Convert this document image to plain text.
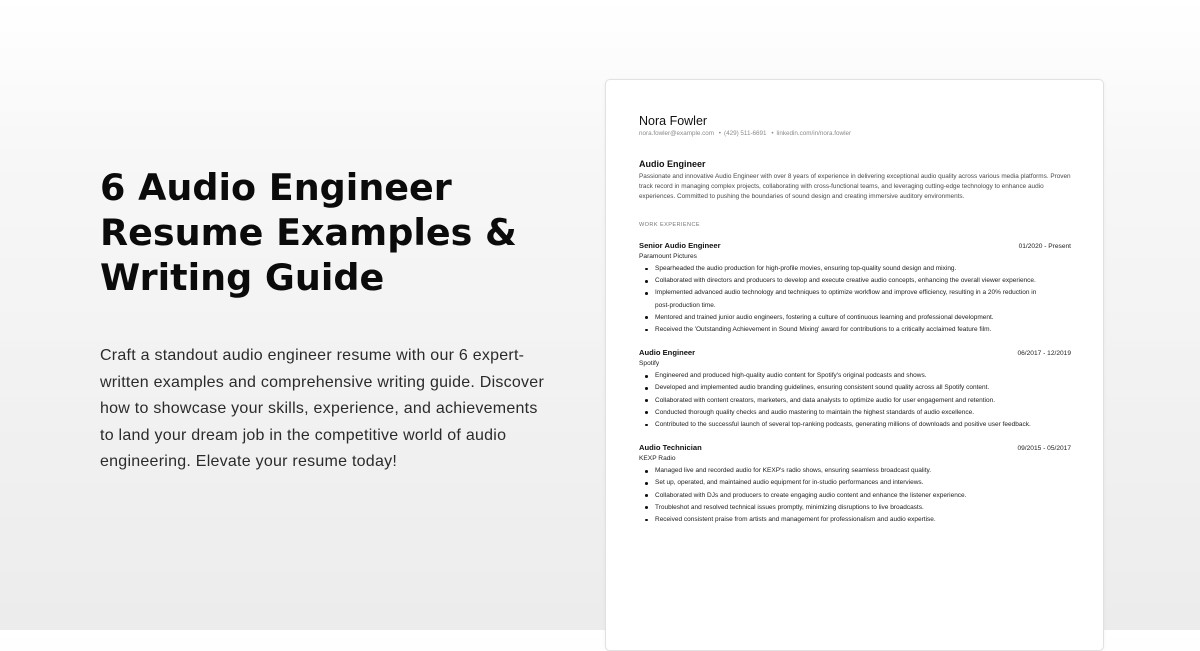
6 Audio Engineer
Resume Examples &
Writing Guide

Craft a standout audio engineer resume with our 6 expert-written examples and comprehensive writing guide. Discover how to showcase your skills, experience, and achievements to land your dream job in the competitive world of audio engineering. Elevate your resume today!

Nora Fowler
nora.fowler@example.com • (429) 511-6691 • linkedin.com/in/nora.fowler
Audio Engineer
Passionate and innovative Audio Engineer with over 8 years of experience in delivering exceptional audio quality across various media platforms. Proven track record in managing complex projects, collaborating with cross-functional teams, and leveraging cutting-edge technology to enhance audio experiences. Committed to pushing the boundaries of sound design and creating immersive auditory environments.
WORK EXPERIENCE
Senior Audio Engineer	01/2020 - Present
Paramount Pictures
Spearheaded the audio production for high-profile movies, ensuring top-quality sound design and mixing.
Collaborated with directors and producers to develop and execute creative audio concepts, enhancing the overall viewer experience.
Implemented advanced audio technology and techniques to optimize workflow and improve efficiency, resulting in a 20% reduction in post-production time.
Mentored and trained junior audio engineers, fostering a culture of continuous learning and professional development.
Received the 'Outstanding Achievement in Sound Mixing' award for contributions to a critically acclaimed feature film.
Audio Engineer	06/2017 - 12/2019
Spotify
Engineered and produced high-quality audio content for Spotify's original podcasts and shows.
Developed and implemented audio branding guidelines, ensuring consistent sound quality across all Spotify content.
Collaborated with content creators, marketers, and data analysts to optimize audio for user engagement and retention.
Conducted thorough quality checks and audio mastering to maintain the highest standards of audio excellence.
Contributed to the successful launch of several top-ranking podcasts, generating millions of downloads and positive user feedback.
Audio Technician	09/2015 - 05/2017
KEXP Radio
Managed live and recorded audio for KEXP's radio shows, ensuring seamless broadcast quality.
Set up, operated, and maintained audio equipment for in-studio performances and interviews.
Collaborated with DJs and producers to create engaging audio content and enhance the listener experience.
Troubleshot and resolved technical issues promptly, minimizing disruptions to live broadcasts.
Received consistent praise from artists and management for professionalism and audio expertise.
